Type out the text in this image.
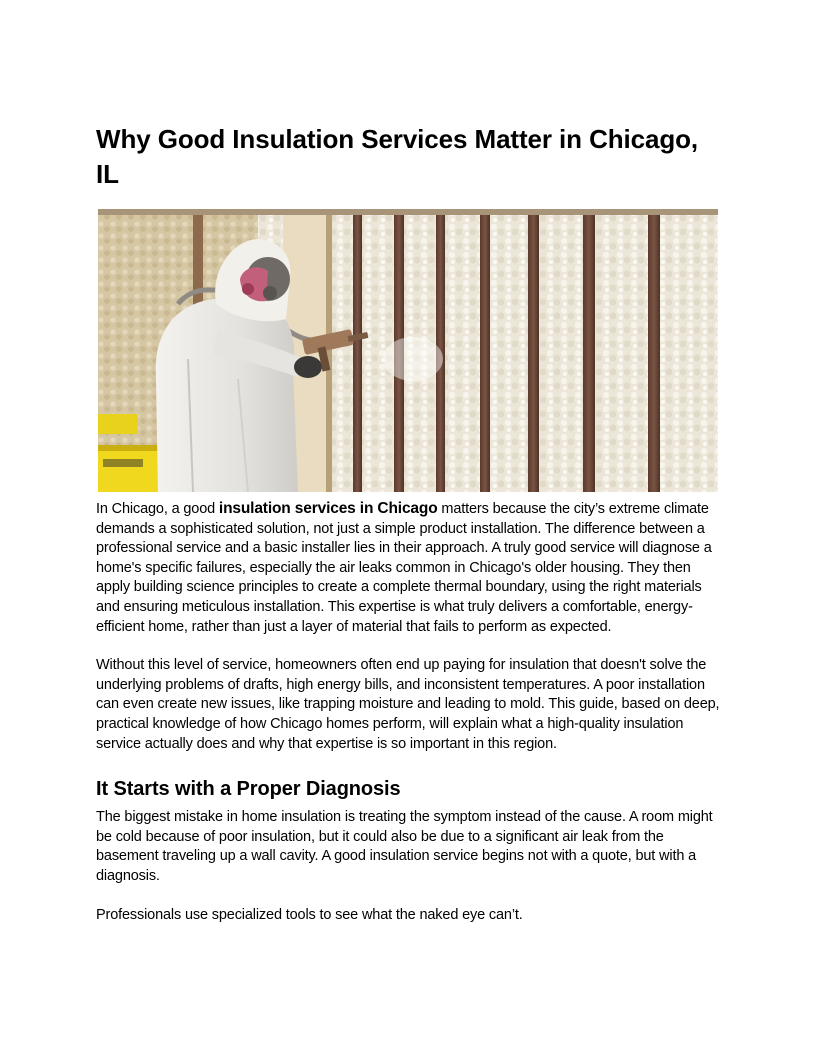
Why Good Insulation Services Matter in Chicago, IL

In Chicago, a good insulation services in Chicago matters because the city’s extreme climate demands a sophisticated solution, not just a simple product installation. The difference between a professional service and a basic installer lies in their approach. A truly good service will diagnose a home's specific failures, especially the air leaks common in Chicago's older housing. They then apply building science principles to create a complete thermal boundary, using the right materials and ensuring meticulous installation. This expertise is what truly delivers a comfortable, energy-efficient home, rather than just a layer of material that fails to perform as expected.

Without this level of service, homeowners often end up paying for insulation that doesn't solve the underlying problems of drafts, high energy bills, and inconsistent temperatures. A poor installation can even create new issues, like trapping moisture and leading to mold. This guide, based on deep, practical knowledge of how Chicago homes perform, will explain what a high-quality insulation service actually does and why that expertise is so important in this region.

It Starts with a Proper Diagnosis

The biggest mistake in home insulation is treating the symptom instead of the cause. A room might be cold because of poor insulation, but it could also be due to a significant air leak from the basement traveling up a wall cavity. A good insulation service begins not with a quote, but with a diagnosis.

Professionals use specialized tools to see what the naked eye can’t.
